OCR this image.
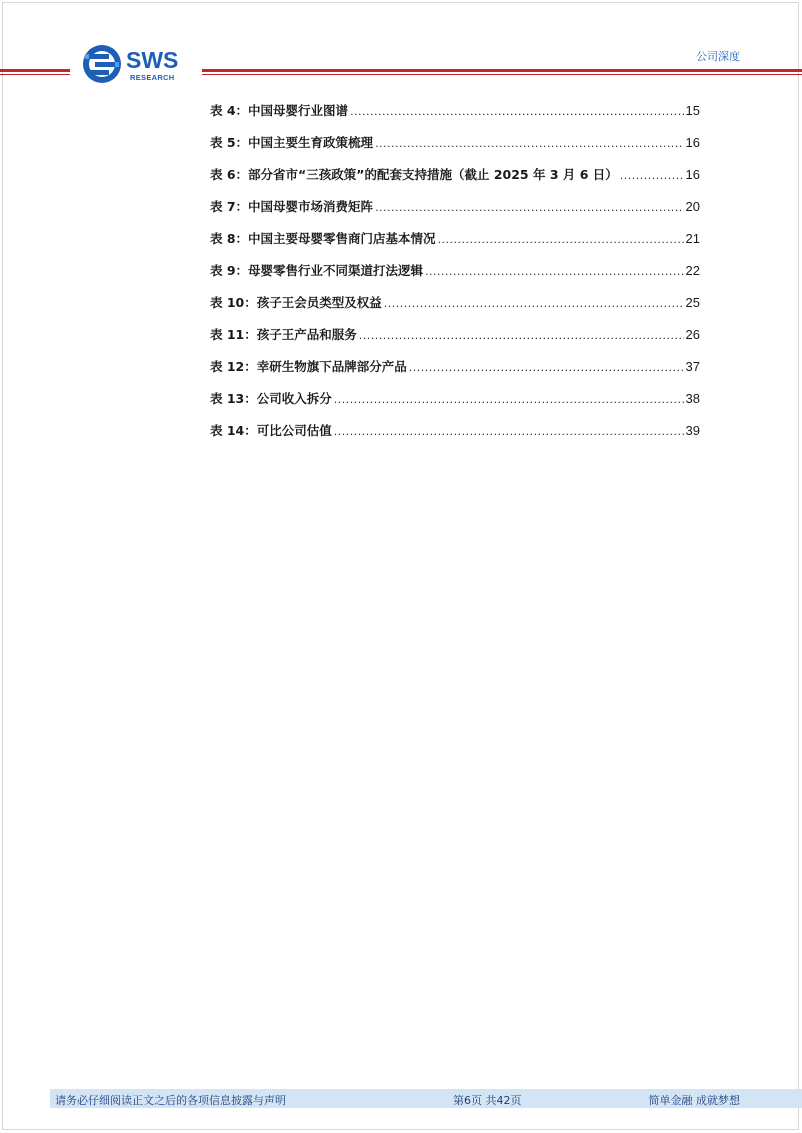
SWS
RESEARCH
公司深度
表 4：中国母婴行业图谱 .....	15
表 5：中国主要生育政策梳理 .....	16
表 6：部分省市“三孩政策”的配套支持措施（截止 2025 年 3 月 6 日） .....	16
表 7：中国母婴市场消费矩阵 .....	20
表 8：中国主要母婴零售商门店基本情况 .....	21
表 9：母婴零售行业不同渠道打法逻辑 .....	22
表 10：孩子王会员类型及权益 .....	25
表 11：孩子王产品和服务 .....	26
表 12：幸研生物旗下品牌部分产品 .....	37
表 13：公司收入拆分 .....	38
表 14：可比公司估值 .....	39
请务必仔细阅读正文之后的各项信息披露与声明	第6页 共42页	简单金融 成就梦想
